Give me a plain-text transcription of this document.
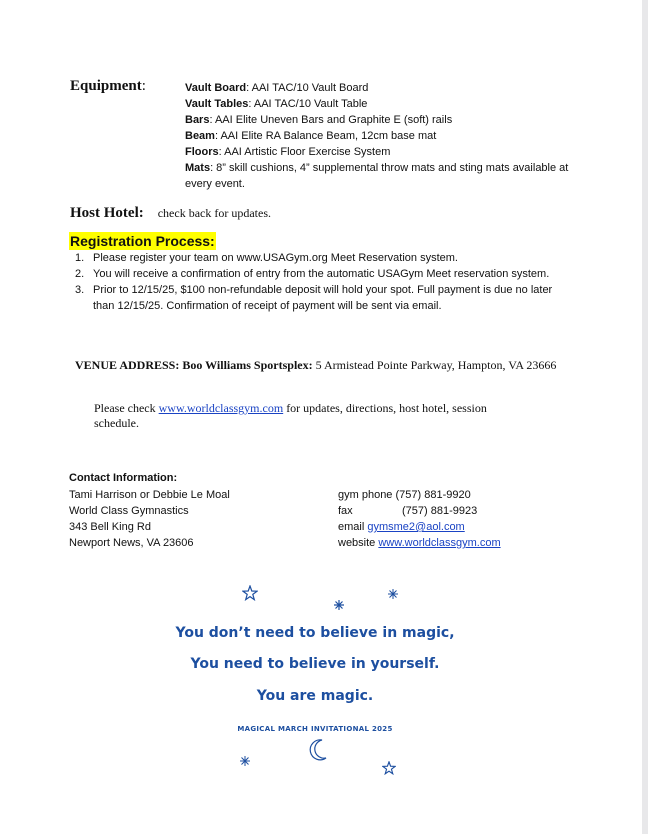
Equipment:	Vault Board: AAI TAC/10 Vault Board
Vault Tables: AAI TAC/10 Vault Table
Bars: AAI Elite Uneven Bars and Graphite E (soft) rails
Beam: AAI Elite RA Balance Beam, 12cm base mat
Floors: AAI Artistic Floor Exercise System
Mats: 8” skill cushions, 4” supplemental throw mats and sting mats available at every event.
Host Hotel: check back for updates.
Registration Process:
1. Please register your team on www.USAGym.org Meet Reservation system.
2. You will receive a confirmation of entry from the automatic USAGym Meet reservation system.
3. Prior to 12/15/25, $100 non-refundable deposit will hold your spot. Full payment is due no later than 12/15/25. Confirmation of receipt of payment will be sent via email.
VENUE ADDRESS: Boo Williams Sportsplex: 5 Armistead Pointe Parkway, Hampton, VA 23666
Please check www.worldclassgym.com for updates, directions, host hotel, session schedule.
Contact Information:
Tami Harrison or Debbie Le Moal
World Class Gymnastics
343 Bell King Rd
Newport News, VA 23606
gym phone (757) 881-9920
fax	(757) 881-9923
email gymsme2@aol.com
website www.worldclassgym.com
You don’t need to believe in magic,
You need to believe in yourself.
You are magic.
MAGICAL MARCH INVITATIONAL 2025
